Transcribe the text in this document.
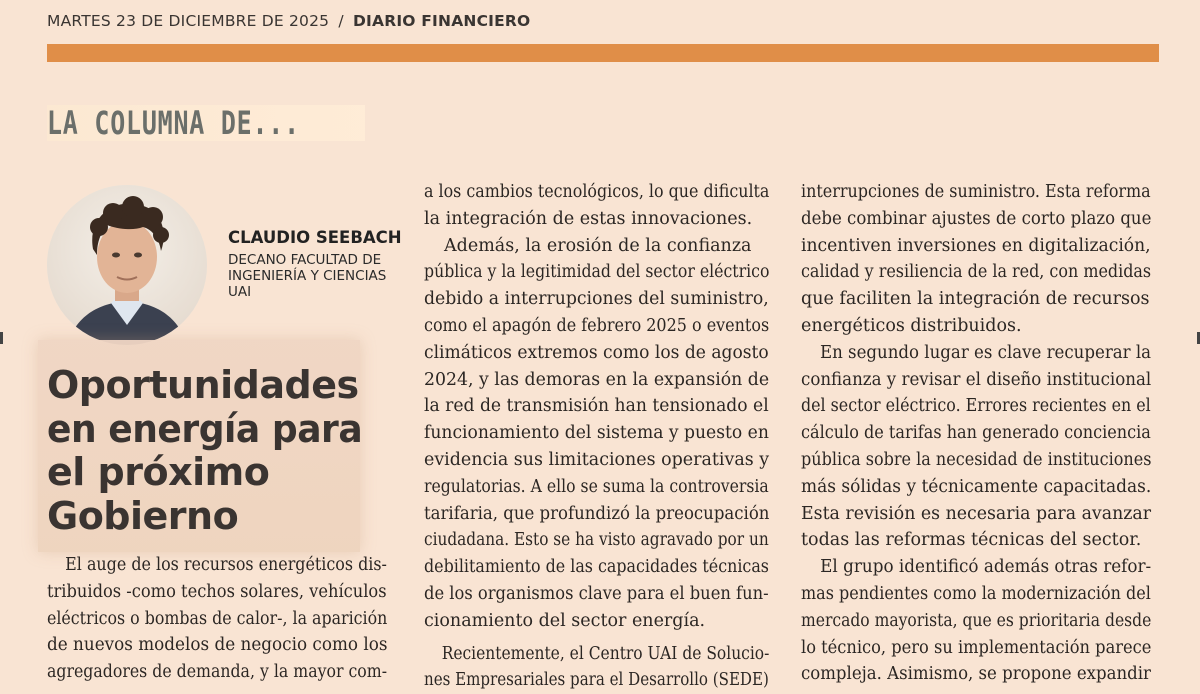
MARTES 23 DE DICIEMBRE DE 2025 / DIARIO FINANCIERO
LA COLUMNA DE...
CLAUDIO SEEBACH
DECANO FACULTAD DE
INGENIERÍA Y CIENCIAS
UAI
Oportunidades
en energía para
el próximo
Gobierno
El auge de los recursos energéticos dis-
tribuidos -como techos solares, vehículos
eléctricos o bombas de calor-, la aparición
de nuevos modelos de negocio como los
agregadores de demanda, y la mayor com-
a los cambios tecnológicos, lo que dificulta
la integración de estas innovaciones.
Además, la erosión de la confianza
pública y la legitimidad del sector eléctrico
debido a interrupciones del suministro,
como el apagón de febrero 2025 o eventos
climáticos extremos como los de agosto
2024, y las demoras en la expansión de
la red de transmisión han tensionado el
funcionamiento del sistema y puesto en
evidencia sus limitaciones operativas y
regulatorias. A ello se suma la controversia
tarifaria, que profundizó la preocupación
ciudadana. Esto se ha visto agravado por un
debilitamiento de las capacidades técnicas
de los organismos clave para el buen fun-
cionamiento del sector energía.
Recientemente, el Centro UAI de Solucio-
nes Empresariales para el Desarrollo (SEDE)
interrupciones de suministro. Esta reforma
debe combinar ajustes de corto plazo que
incentiven inversiones en digitalización,
calidad y resiliencia de la red, con medidas
que faciliten la integración de recursos
energéticos distribuidos.
En segundo lugar es clave recuperar la
confianza y revisar el diseño institucional
del sector eléctrico. Errores recientes en el
cálculo de tarifas han generado conciencia
pública sobre la necesidad de instituciones
más sólidas y técnicamente capacitadas.
Esta revisión es necesaria para avanzar
todas las reformas técnicas del sector.
El grupo identificó además otras refor-
mas pendientes como la modernización del
mercado mayorista, que es prioritaria desde
lo técnico, pero su implementación parece
compleja. Asimismo, se propone expandir
